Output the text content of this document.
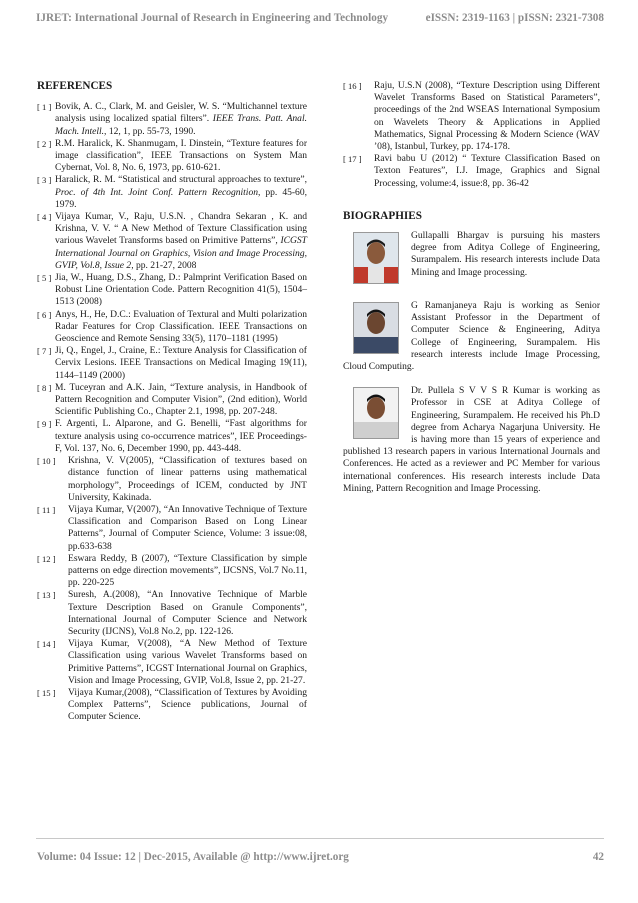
IJRET: International Journal of Research in Engineering and Technology	eISSN: 2319-1163 | pISSN: 2321-7308
REFERENCES
[ 1 ] Bovik, A. C., Clark, M. and Geisler, W. S. “Multichannel texture analysis using localized spatial filters”. IEEE Trans. Patt. Anal. Mach. Intell., 12, 1, pp. 55-73, 1990.
[ 2 ] R.M. Haralick, K. Shanmugam, I. Dinstein, “Texture features for image classification”, IEEE Transactions on System Man Cybernat, Vol. 8, No. 6, 1973, pp. 610-621.
[ 3 ] Haralick, R. M. “Statistical and structural approaches to texture”, Proc. of 4th Int. Joint Conf. Pattern Recognition, pp. 45-60, 1979.
[ 4 ] Vijaya Kumar, V., Raju, U.S.N. , Chandra Sekaran , K. and Krishna, V. V. “ A New Method of Texture Classification using various Wavelet Transforms based on Primitive Patterns”, ICGST International Journal on Graphics, Vision and Image Processing, GVIP, Vol.8, Issue 2, pp. 21-27, 2008
[ 5 ] Jia, W., Huang, D.S., Zhang, D.: Palmprint Verification Based on Robust Line Orientation Code. Pattern Recognition 41(5), 1504–1513 (2008)
[ 6 ] Anys, H., He, D.C.: Evaluation of Textural and Multi polarization Radar Features for Crop Classification. IEEE Transactions on Geoscience and Remote Sensing 33(5), 1170–1181 (1995)
[ 7 ] Ji, Q., Engel, J., Craine, E.: Texture Analysis for Classification of Cervix Lesions. IEEE Transactions on Medical Imaging 19(11), 1144–1149 (2000)
[ 8 ] M. Tuceyran and A.K. Jain, “Texture analysis, in Handbook of Pattern Recognition and Computer Vision”, (2nd edition), World Scientific Publishing Co., Chapter 2.1, 1998, pp. 207-248.
[ 9 ] F. Argenti, L. Alparone, and G. Benelli, “Fast algorithms for texture analysis using co-occurrence matrices”, IEE Proceedings-F, Vol. 137, No. 6, December 1990, pp. 443-448.
[ 10 ]	Krishna, V. V(2005), “Classification of textures based on distance function of linear patterns using mathematical morphology”, Proceedings of ICEM, conducted by JNT University, Kakinada.
[ 11 ]	Vijaya Kumar, V(2007), “An Innovative Technique of Texture Classification and Comparison Based on Long Linear Patterns”, Journal of Computer Science, Volume: 3 issue:08, pp.633-638
[ 12 ]	Eswara Reddy, B (2007), “Texture Classification by simple patterns on edge direction movements”, IJCSNS, Vol.7 No.11, pp. 220-225
[ 13 ]	Suresh, A.(2008), “An Innovative Technique of Marble Texture Description Based on Granule Components”, International Journal of Computer Science and Network Security (IJCNS), Vol.8 No.2, pp. 122-126.
[ 14 ]	Vijaya Kumar, V(2008), “A New Method of Texture Classification using various Wavelet Transforms based on Primitive Patterns”, ICGST International Journal on Graphics, Vision and Image Processing, GVIP, Vol.8, Issue 2, pp. 21-27.
[ 15 ]	Vijaya Kumar,(2008), “Classification of Textures by Avoiding Complex Patterns”, Science publications, Journal of Computer Science.
[ 16 ]	Raju, U.S.N (2008), “Texture Description using Different Wavelet Transforms Based on Statistical Parameters”, proceedings of the 2nd WSEAS International Symposium on Wavelets Theory & Applications in Applied Mathematics, Signal Processing & Modern Science (WAV ’08), Istanbul, Turkey, pp. 174-178.
[ 17 ]	Ravi babu U (2012) “ Texture Classification Based on Texton Features”, I.J. Image, Graphics and Signal Processing, volume:4, issue:8, pp. 36-42
BIOGRAPHIES

Gullapalli Bhargav is pursuing his masters degree from Aditya College of Engineering, Surampalem. His research interests include Data Mining and Image processing.

G Ramanjaneya Raju is working as Senior Assistant Professor in the Department of Computer Science & Engineering, Aditya College of Engineering, Surampalem. His research interests include Image Processing, Cloud Computing.

Dr. Pullela S V V S R Kumar is working as Professor in CSE at Aditya College of Engineering, Surampalem. He received his Ph.D degree from Acharya Nagarjuna University. He is having more than 15 years of experience and published 13 research papers in various International Journals and Conferences. He acted as a reviewer and PC Member for various international conferences. His research interests include Data Mining, Pattern Recognition and Image Processing.

Volume: 04 Issue: 12 | Dec-2015, Available @ http://www.ijret.org	42
